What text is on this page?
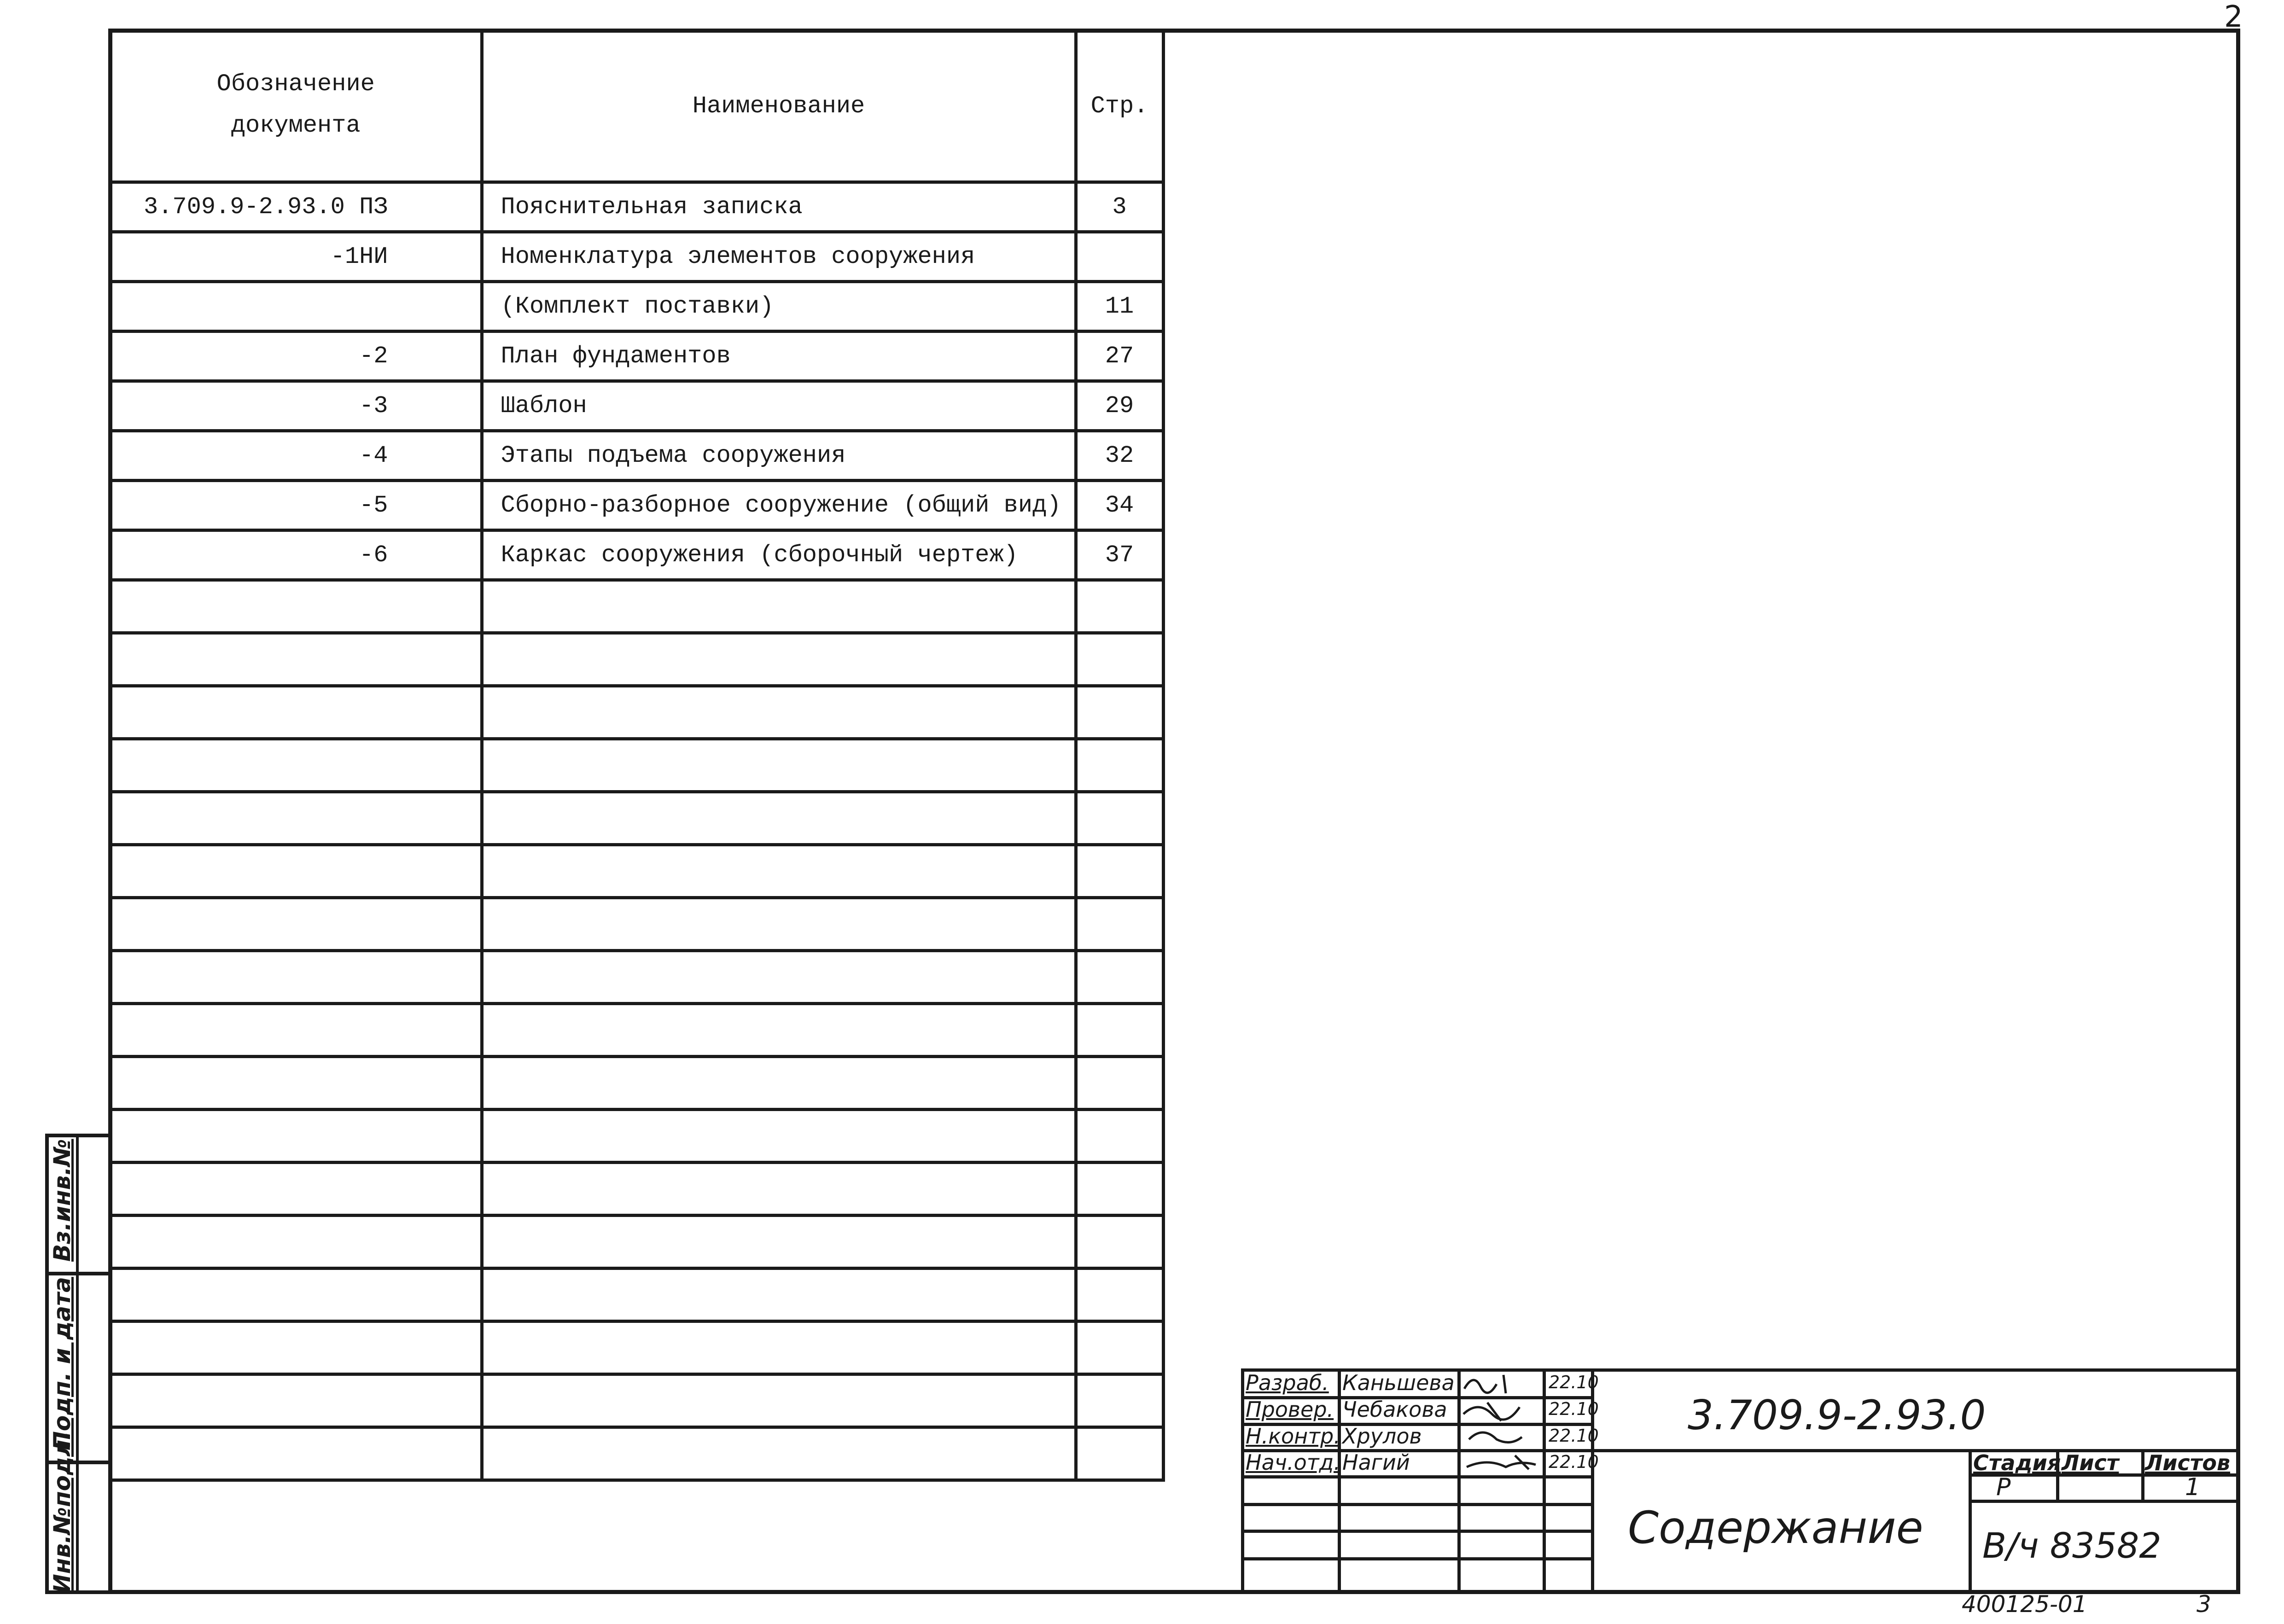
2
Обозначение документа	Наименование	Стр.
3.709.9-2.93.0 ПЗ	Пояснительная записка	3
-1НИ	Номенклатура элементов сооружения	
	(Комплект поставки)	11
-2	План фундаментов	27
-3	Шаблон	29
-4	Этапы подъема сооружения	32
-5	Сборно-разборное сооружение (общий вид)	34
-6	Каркас сооружения (сборочный чертеж)	37

Вз.инв.№
Подп. и дата
Инв.№подл.
Разраб. Каньшева	22.10
Провер. Чебакова	22.10
Н.контр. Хрулов	22.10
Нач.отд. Нагий	22.10
3.709.9-2.93.0
Содержание
Стадия Лист Листов
Р	1
В/ч 83582
400125-01	3
